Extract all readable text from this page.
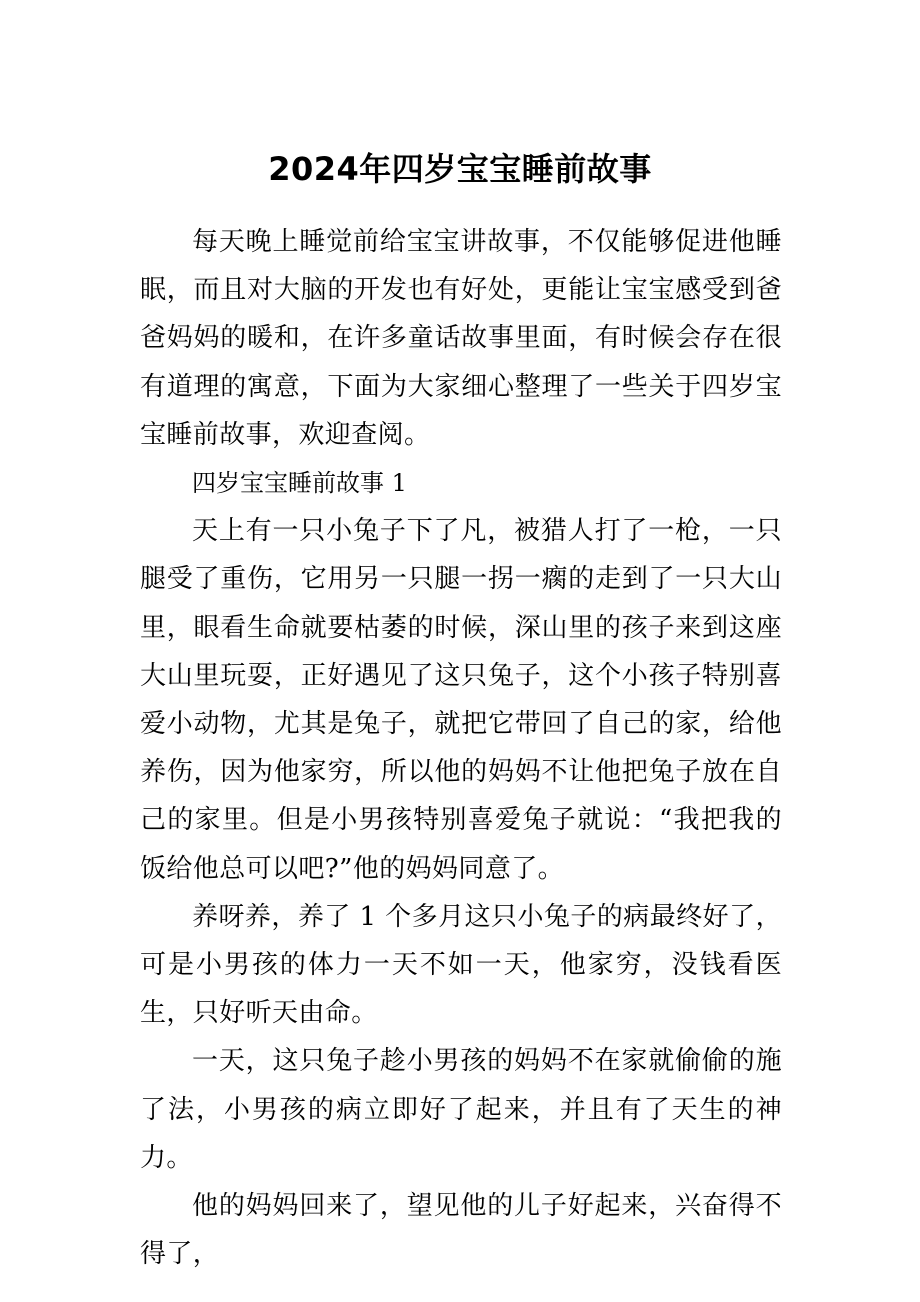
2024年四岁宝宝睡前故事

每天晚上睡觉前给宝宝讲故事，不仅能够促进他睡眠，而且对大脑的开发也有好处，更能让宝宝感受到爸爸妈妈的暖和，在许多童话故事里面，有时候会存在很有道理的寓意，下面为大家细心整理了一些关于四岁宝宝睡前故事，欢迎查阅。

四岁宝宝睡前故事 1

天上有一只小兔子下了凡，被猎人打了一枪，一只腿受了重伤，它用另一只腿一拐一瘸的走到了一只大山里，眼看生命就要枯萎的时候，深山里的孩子来到这座大山里玩耍，正好遇见了这只兔子，这个小孩子特别喜爱小动物，尤其是兔子，就把它带回了自己的家，给他养伤，因为他家穷，所以他的妈妈不让他把兔子放在自己的家里。但是小男孩特别喜爱兔子就说：“我把我的饭给他总可以吧?”他的妈妈同意了。

养呀养，养了 1 个多月这只小兔子的病最终好了，可是小男孩的体力一天不如一天，他家穷，没钱看医生，只好听天由命。

一天，这只兔子趁小男孩的妈妈不在家就偷偷的施了法，小男孩的病立即好了起来，并且有了天生的神力。

他的妈妈回来了，望见他的儿子好起来，兴奋得不得了，
